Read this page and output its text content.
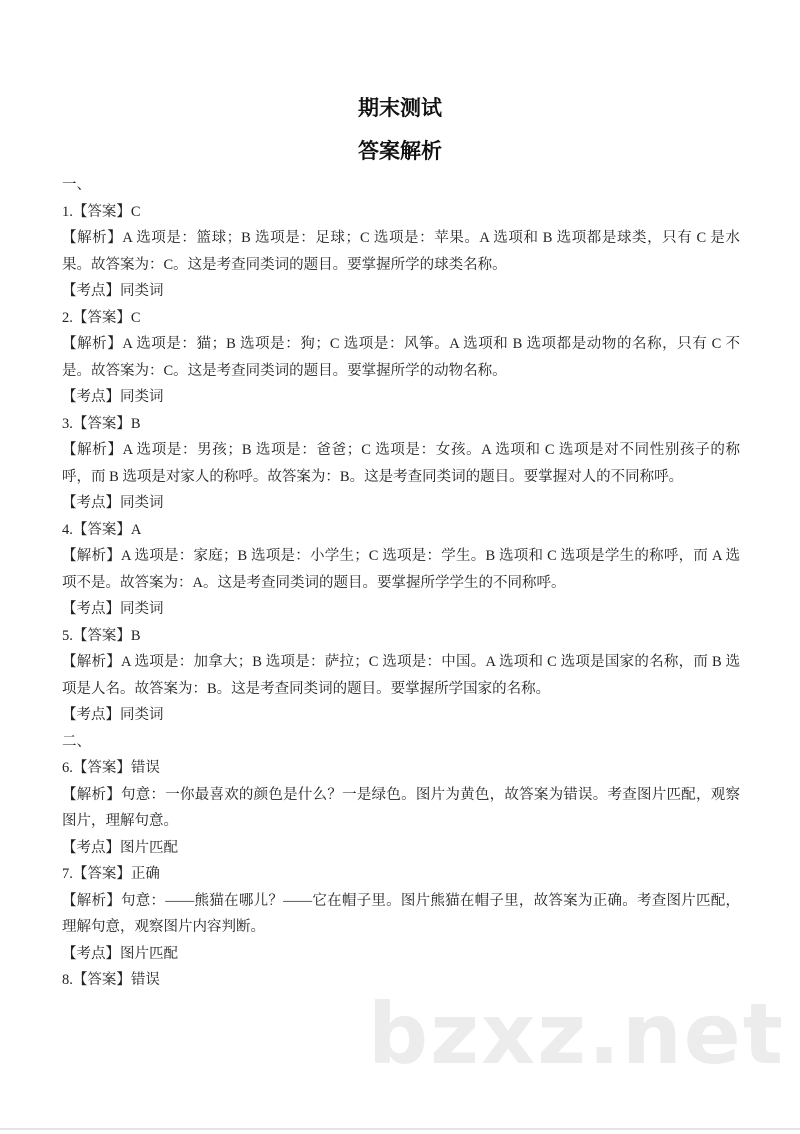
期末测试
答案解析

一、

1.【答案】C

【解析】A 选项是：篮球；B 选项是：足球；C 选项是：苹果。A 选项和 B 选项都是球类，只有 C 是水果。故答案为：C。这是考查同类词的题目。要掌握所学的球类名称。

【考点】同类词

2.【答案】C

【解析】A 选项是：猫；B 选项是：狗；C 选项是：风筝。A 选项和 B 选项都是动物的名称，只有 C 不是。故答案为：C。这是考查同类词的题目。要掌握所学的动物名称。

【考点】同类词

3.【答案】B

【解析】A 选项是：男孩；B 选项是：爸爸；C 选项是：女孩。A 选项和 C 选项是对不同性别孩子的称呼，而 B 选项是对家人的称呼。故答案为：B。这是考查同类词的题目。要掌握对人的不同称呼。

【考点】同类词

4.【答案】A

【解析】A 选项是：家庭；B 选项是：小学生；C 选项是：学生。B 选项和 C 选项是学生的称呼，而 A 选项不是。故答案为：A。这是考查同类词的题目。要掌握所学学生的不同称呼。

【考点】同类词

5.【答案】B

【解析】A 选项是：加拿大；B 选项是：萨拉；C 选项是：中国。A 选项和 C 选项是国家的名称，而 B 选项是人名。故答案为：B。这是考查同类词的题目。要掌握所学国家的名称。

【考点】同类词

二、

6.【答案】错误

【解析】句意：一你最喜欢的颜色是什么？一是绿色。图片为黄色，故答案为错误。考查图片匹配，观察图片，理解句意。

【考点】图片匹配

7.【答案】正确

【解析】句意：——熊猫在哪儿？——它在帽子里。图片熊猫在帽子里，故答案为正确。考查图片匹配，理解句意，观察图片内容判断。

【考点】图片匹配

8.【答案】错误

bzxz.net
